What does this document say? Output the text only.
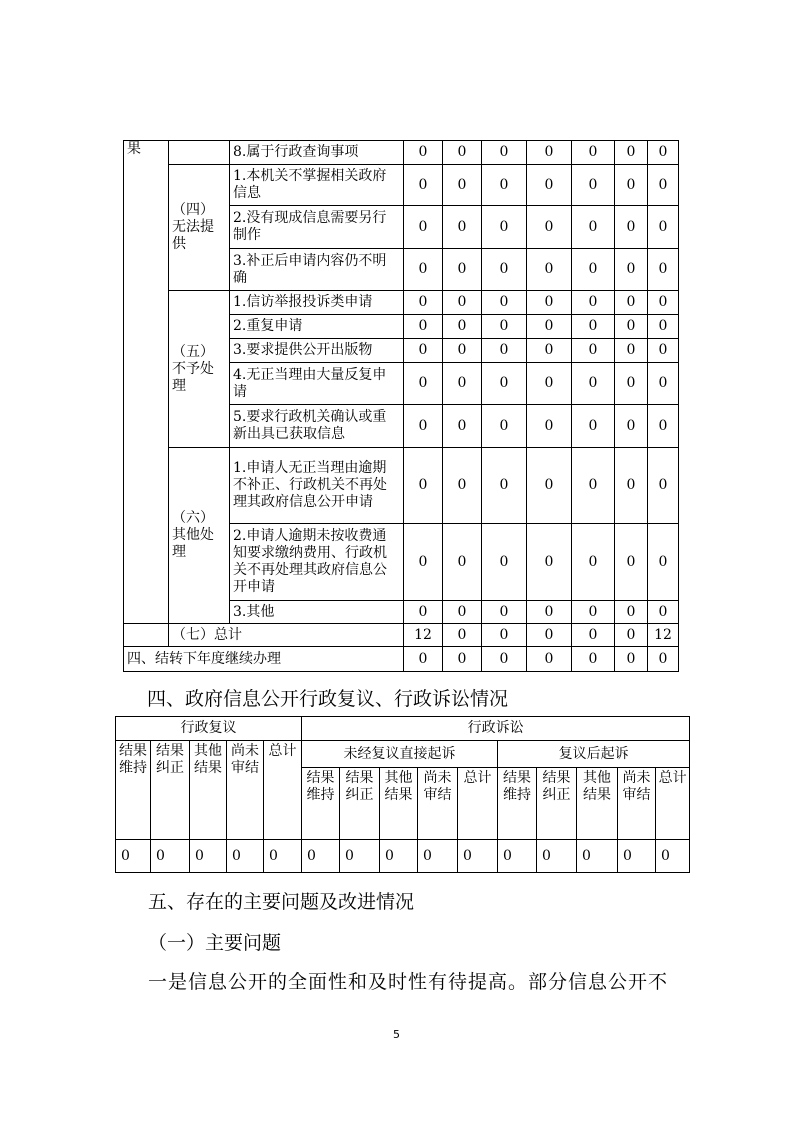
果		8.属于行政查询事项	0	0	0	0	0	0	0
	（四）无法提供	1.本机关不掌握相关政府信息	0	0	0	0	0	0	0
		2.没有现成信息需要另行制作	0	0	0	0	0	0	0
		3.补正后申请内容仍不明确	0	0	0	0	0	0	0
	（五）不予处理	1.信访举报投诉类申请	0	0	0	0	0	0	0
		2.重复申请	0	0	0	0	0	0	0
		3.要求提供公开出版物	0	0	0	0	0	0	0
		4.无正当理由大量反复申请	0	0	0	0	0	0	0
		5.要求行政机关确认或重新出具已获取信息	0	0	0	0	0	0	0
	（六）其他处理	1.申请人无正当理由逾期不补正、行政机关不再处理其政府信息公开申请	0	0	0	0	0	0	0
		2.申请人逾期未按收费通知要求缴纳费用、行政机关不再处理其政府信息公开申请	0	0	0	0	0	0	0
		3.其他	0	0	0	0	0	0	0
	（七）总计		12	0	0	0	0	0	12
四、结转下年度继续办理			0	0	0	0	0	0	0
四、政府信息公开行政复议、行政诉讼情况
行政复议					行政诉讼									
结果维持	结果纠正	其他结果	尚未审结	总计	未经复议直接起诉					复议后起诉				
					结果维持	结果纠正	其他结果	尚未审结	总计	结果维持	结果纠正	其他结果	尚未审结	总计
0	0	0	0	0	0	0	0	0	0	0	0	0	0	0
五、存在的主要问题及改进情况
（一）主要问题
一是信息公开的全面性和及时性有待提高。部分信息公开不
5
